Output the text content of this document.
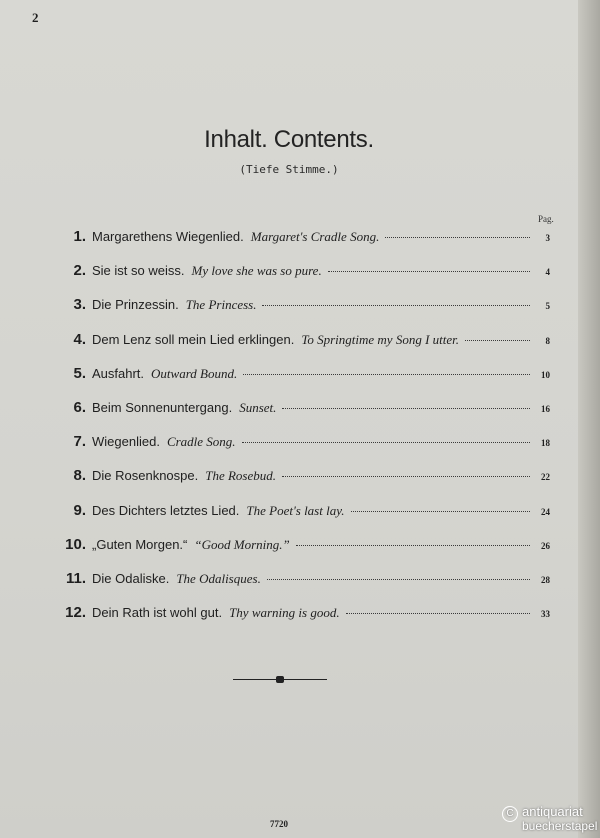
2
Inhalt. Contents.
(Tiefe Stimme.)
Pag.
1. Margarethens Wiegenlied. Margaret's Cradle Song.	3
2. Sie ist so weiss. My love she was so pure.	4
3. Die Prinzessin. The Princess.	5
4. Dem Lenz soll mein Lied erklingen. To Springtime my Song I utter.	8
5. Ausfahrt. Outward Bound.	10
6. Beim Sonnenuntergang. Sunset.	16
7. Wiegenlied. Cradle Song.	18
8. Die Rosenknospe. The Rosebud.	22
9. Des Dichters letztes Lied. The Poet's last lay.	24
10. „Guten Morgen.“ “Good Morning.”	26
11. Die Odaliske. The Odalisques.	28
12. Dein Rath ist wohl gut. Thy warning is good.	33
7720
C antiquariat
buecherstapel
